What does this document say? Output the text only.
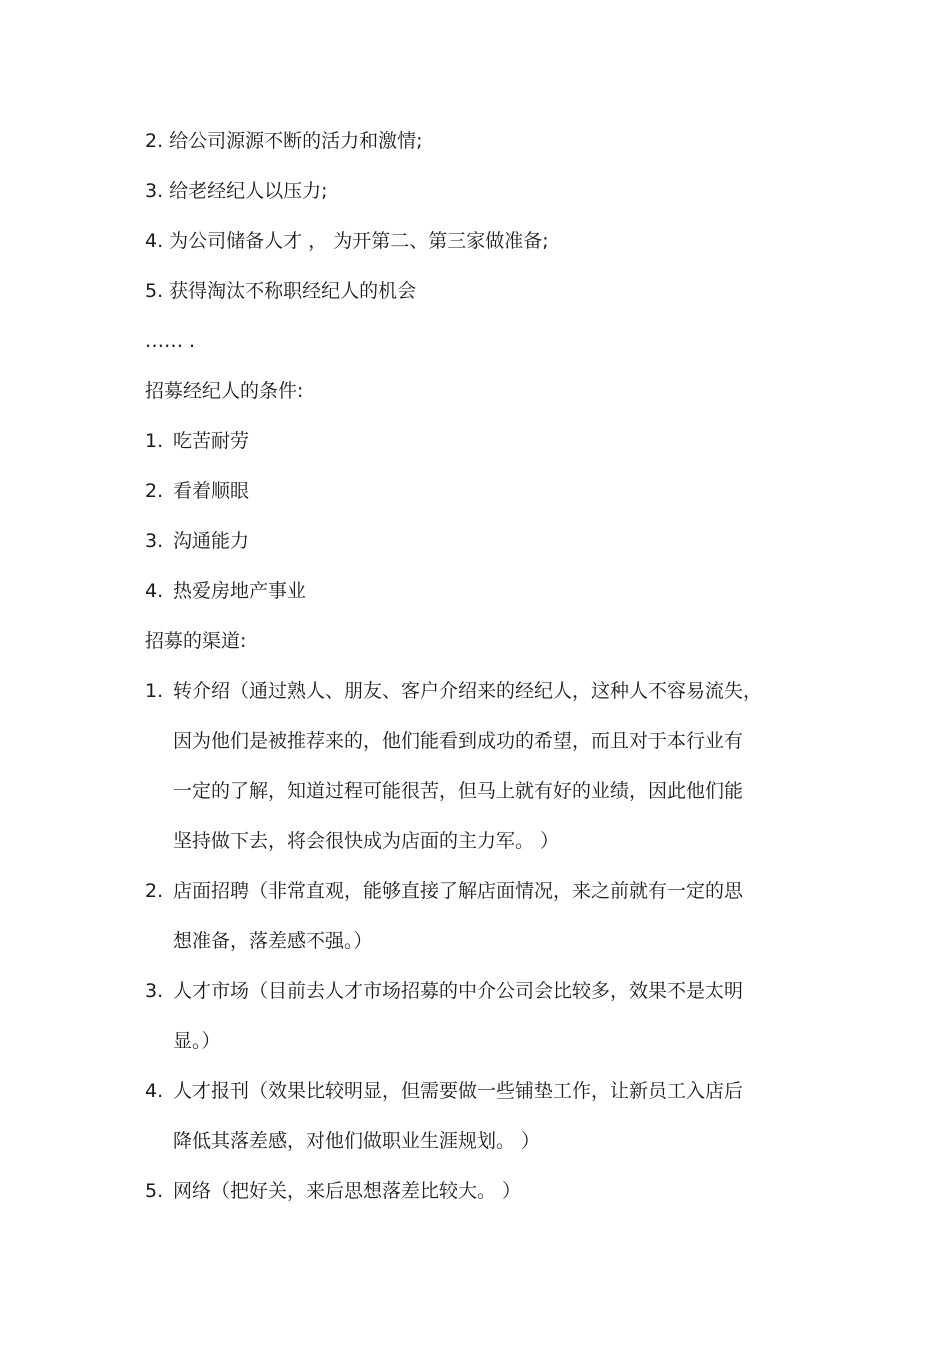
2. 给公司源源不断的活力和激情;
3. 给老经纪人以压力;
4. 为公司储备人才 ， 为开第二、第三家做准备;
5. 获得淘汰不称职经纪人的机会
…… .
招募经纪人的条件:
1. 吃苦耐劳
2. 看着顺眼
3. 沟通能力
4. 热爱房地产事业
招募的渠道:
1. 转介绍（通过熟人、朋友、客户介绍来的经纪人，这种人不容易流失，
因为他们是被推荐来的，他们能看到成功的希望，而且对于本行业有
一定的了解，知道过程可能很苦，但马上就有好的业绩，因此他们能
坚持做下去，将会很快成为店面的主力军。 ）
2. 店面招聘（非常直观，能够直接了解店面情况，来之前就有一定的思
想准备，落差感不强。）
3. 人才市场（目前去人才市场招募的中介公司会比较多，效果不是太明
显。）
4. 人才报刊（效果比较明显，但需要做一些铺垫工作，让新员工入店后
降低其落差感，对他们做职业生涯规划。 ）
5. 网络（把好关，来后思想落差比较大。 ）
